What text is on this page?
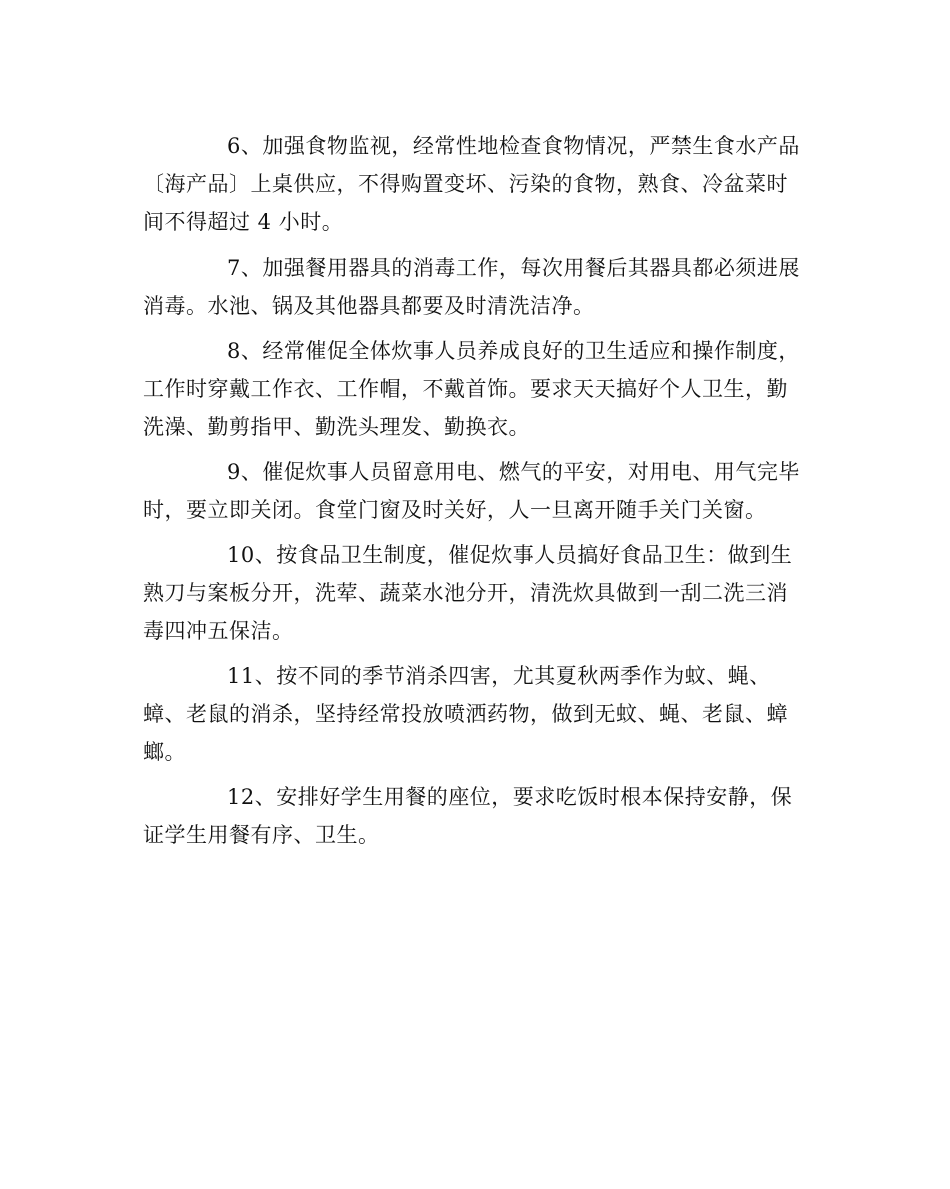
6、加强食物监视，经常性地检查食物情况，严禁生食水产品
〔海产品〕上桌供应，不得购置变坏、污染的食物，熟食、冷盆菜时
间不得超过 4 小时。

7、加强餐用器具的消毒工作，每次用餐后其器具都必须进展
消毒。水池、锅及其他器具都要及时清洗洁净。

8、经常催促全体炊事人员养成良好的卫生适应和操作制度，
工作时穿戴工作衣、工作帽，不戴首饰。要求天天搞好个人卫生，勤
洗澡、勤剪指甲、勤洗头理发、勤换衣。

9、催促炊事人员留意用电、燃气的平安，对用电、用气完毕
时，要立即关闭。食堂门窗及时关好，人一旦离开随手关门关窗。

10、按食品卫生制度，催促炊事人员搞好食品卫生：做到生
熟刀与案板分开，洗荤、蔬菜水池分开，清洗炊具做到一刮二洗三消
毒四冲五保洁。

11、按不同的季节消杀四害，尤其夏秋两季作为蚊、蝇、
蟑、老鼠的消杀，坚持经常投放喷洒药物，做到无蚊、蝇、老鼠、蟑
螂。

12、安排好学生用餐的座位，要求吃饭时根本保持安静，保
证学生用餐有序、卫生。
